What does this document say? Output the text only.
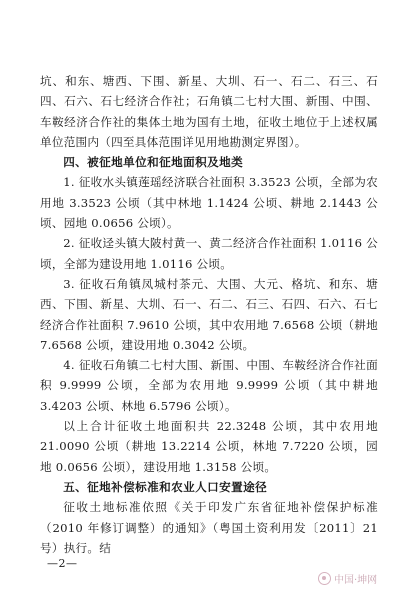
坑、和东、塘西、下围、新星、大圳、石一、石二、石三、石四、石六、石七经济合作社；石角镇二七村大围、新围、中围、车鞍经济合作社的集体土地为国有土地，征收土地位于上述权属单位范围内（四至具体范围详见用地勘测定界图）。

四、被征地单位和征地面积及地类

1. 征收水头镇莲瑶经济联合社面积 3.3523 公顷，全部为农用地 3.3523 公顷（其中林地 1.1424 公顷、耕地 2.1443 公顷、园地 0.0656 公顷）。

2. 征收迳头镇大陂村黄一、黄二经济合作社面积 1.0116 公顷，全部为建设用地 1.0116 公顷。

3. 征收石角镇凤城村茶元、大围、大元、格坑、和东、塘西、下围、新星、大圳、石一、石二、石三、石四、石六、石七经济合作社面积 7.9610 公顷，其中农用地 7.6568 公顷（耕地 7.6568 公顷，建设用地 0.3042 公顷。

4. 征收石角镇二七村大围、新围、中围、车鞍经济合作社面积 9.9999 公顷，全部为农用地 9.9999 公顷（其中耕地 3.4203 公顷、林地 6.5796 公顷）。

以上合计征收土地面积共 22.3248 公顷，其中农用地 21.0090 公顷（耕地 13.2214 公顷，林地 7.7220 公顷，园地 0.0656 公顷），建设用地 1.3158 公顷。

五、征地补偿标准和农业人口安置途径

征收土地标准依照《关于印发广东省征地补偿保护标准（2010 年修订调整）的通知》（粤国土资利用发〔2011〕21 号）执行。结

—2—
中国·坤网
